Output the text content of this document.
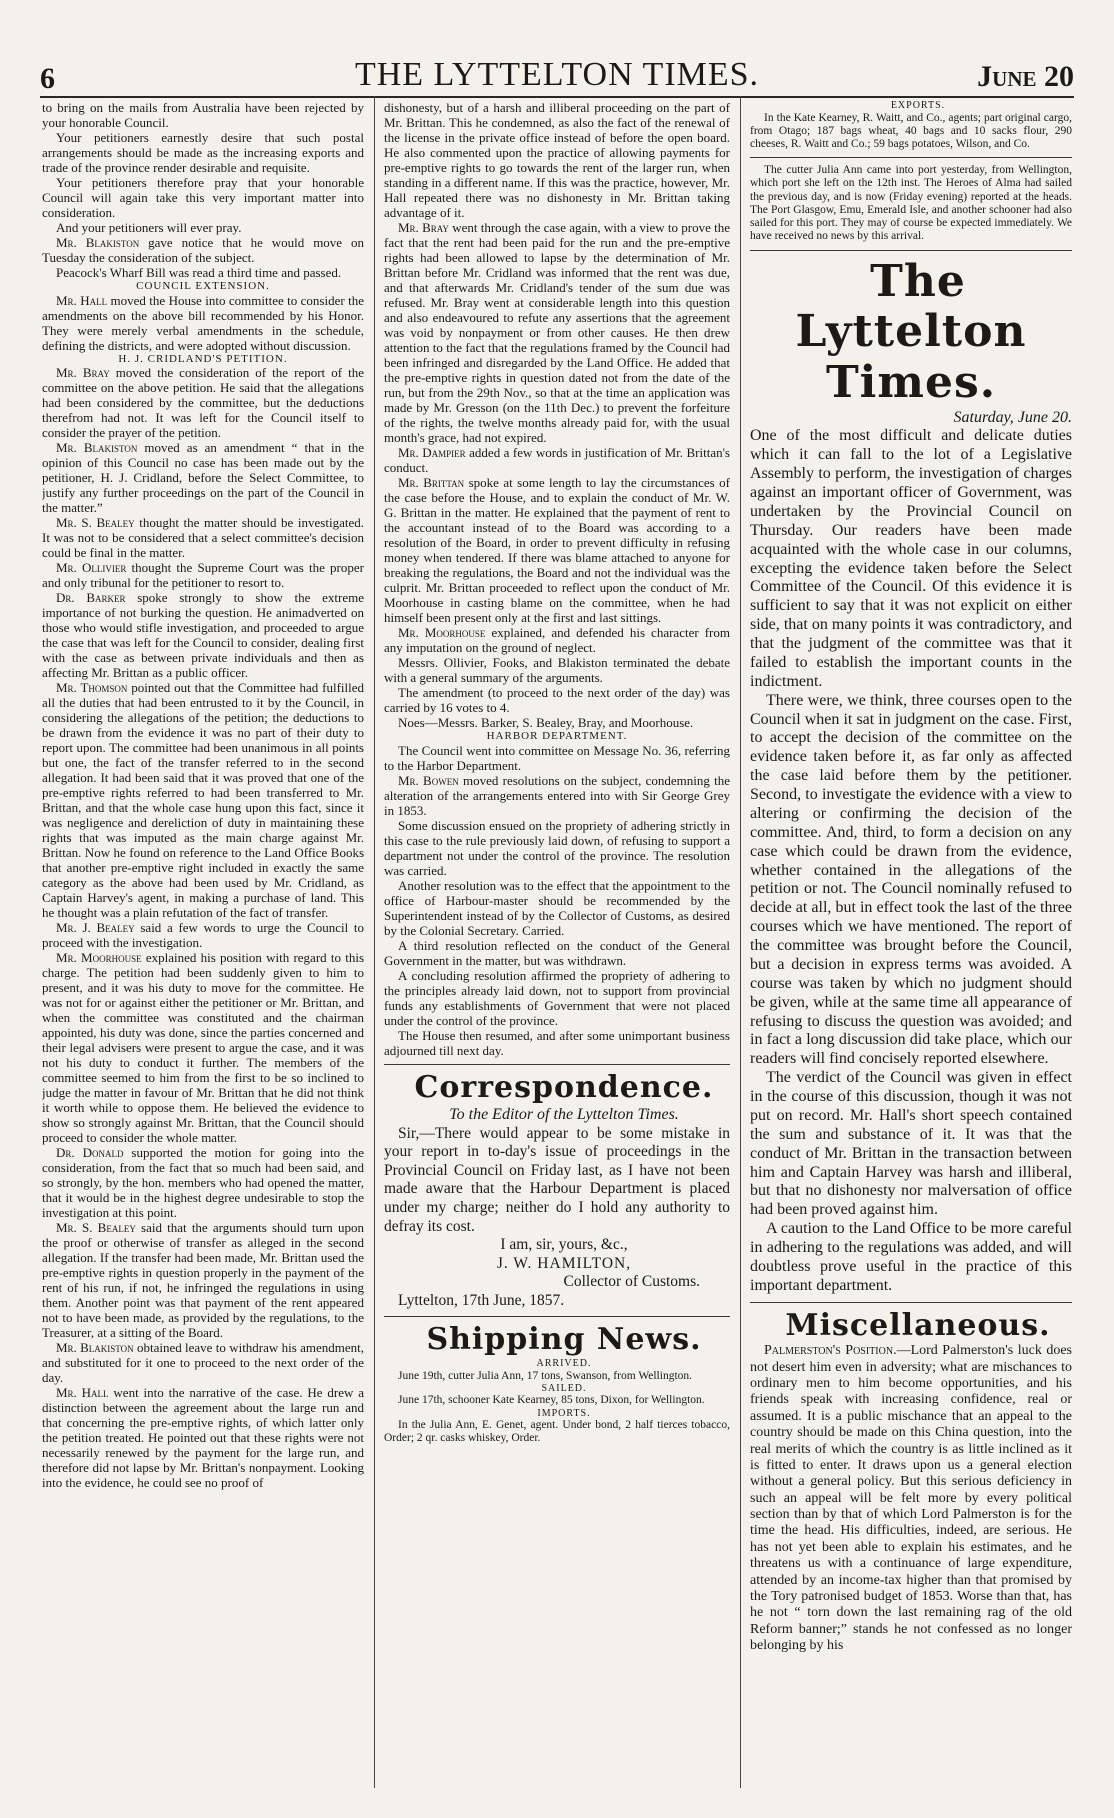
6	THE LYTTELTON TIMES.	June 20

to bring on the mails from Australia have been rejected by your honorable Council.

Your petitioners earnestly desire that such postal arrangements should be made as the increasing exports and trade of the province render desirable and requisite.

Your petitioners therefore pray that your honorable Council will again take this very important matter into consideration.

And your petitioners will ever pray.

Mr. Blakiston gave notice that he would move on Tuesday the consideration of the subject.

Peacock's Wharf Bill was read a third time and passed.

COUNCIL EXTENSION.

Mr. Hall moved the House into committee to consider the amendments on the above bill recommended by his Honor. They were merely verbal amendments in the schedule, defining the districts, and were adopted without discussion.

H. J. CRIDLAND'S PETITION.

Mr. Bray moved the consideration of the report of the committee on the above petition. He said that the allegations had been considered by the committee, but the deductions therefrom had not. It was left for the Council itself to consider the prayer of the petition.

Mr. Blakiston moved as an amendment “ that in the opinion of this Council no case has been made out by the petitioner, H. J. Cridland, before the Select Committee, to justify any further proceedings on the part of the Council in the matter.”

Mr. S. Bealey thought the matter should be investigated. It was not to be considered that a select committee's decision could be final in the matter.

Mr. Ollivier thought the Supreme Court was the proper and only tribunal for the petitioner to resort to.

Dr. Barker spoke strongly to show the extreme importance of not burking the question. He animadverted on those who would stifle investigation, and proceeded to argue the case that was left for the Council to consider, dealing first with the case as between private individuals and then as affecting Mr. Brittan as a public officer.

Mr. Thomson pointed out that the Committee had fulfilled all the duties that had been entrusted to it by the Council, in considering the allegations of the petition; the deductions to be drawn from the evidence it was no part of their duty to report upon. The committee had been unanimous in all points but one, the fact of the transfer referred to in the second allegation. It had been said that it was proved that one of the pre-emptive rights referred to had been transferred to Mr. Brittan, and that the whole case hung upon this fact, since it was negligence and dereliction of duty in maintaining these rights that was imputed as the main charge against Mr. Brittan. Now he found on reference to the Land Office Books that another pre-emptive right included in exactly the same category as the above had been used by Mr. Cridland, as Captain Harvey's agent, in making a purchase of land. This he thought was a plain refutation of the fact of transfer.

Mr. J. Bealey said a few words to urge the Council to proceed with the investigation.

Mr. Moorhouse explained his position with regard to this charge. The petition had been suddenly given to him to present, and it was his duty to move for the committee. He was not for or against either the petitioner or Mr. Brittan, and when the committee was constituted and the chairman appointed, his duty was done, since the parties concerned and their legal advisers were present to argue the case, and it was not his duty to conduct it further. The members of the committee seemed to him from the first to be so inclined to judge the matter in favour of Mr. Brittan that he did not think it worth while to oppose them. He believed the evidence to show so strongly against Mr. Brittan, that the Council should proceed to consider the whole matter.

Dr. Donald supported the motion for going into the consideration, from the fact that so much had been said, and so strongly, by the hon. members who had opened the matter, that it would be in the highest degree undesirable to stop the investigation at this point.

Mr. S. Bealey said that the arguments should turn upon the proof or otherwise of transfer as alleged in the second allegation. If the transfer had been made, Mr. Brittan used the pre-emptive rights in question properly in the payment of the rent of his run, if not, he infringed the regulations in using them. Another point was that payment of the rent appeared not to have been made, as provided by the regulations, to the Treasurer, at a sitting of the Board.

Mr. Blakiston obtained leave to withdraw his amendment, and substituted for it one to proceed to the next order of the day.

Mr. Hall went into the narrative of the case. He drew a distinction between the agreement about the large run and that concerning the pre-emptive rights, of which latter only the petition treated. He pointed out that these rights were not necessarily renewed by the payment for the large run, and therefore did not lapse by Mr. Brittan's nonpayment. Looking into the evidence, he could see no proof of

dishonesty, but of a harsh and illiberal proceeding on the part of Mr. Brittan. This he condemned, as also the fact of the renewal of the license in the private office instead of before the open board. He also commented upon the practice of allowing payments for pre-emptive rights to go towards the rent of the larger run, when standing in a different name. If this was the practice, however, Mr. Hall repeated there was no dishonesty in Mr. Brittan taking advantage of it.

Mr. Bray went through the case again, with a view to prove the fact that the rent had been paid for the run and the pre-emptive rights had been allowed to lapse by the determination of Mr. Brittan before Mr. Cridland was informed that the rent was due, and that afterwards Mr. Cridland's tender of the sum due was refused. Mr. Bray went at considerable length into this question and also endeavoured to refute any assertions that the agreement was void by nonpayment or from other causes. He then drew attention to the fact that the regulations framed by the Council had been infringed and disregarded by the Land Office. He added that the pre-emptive rights in question dated not from the date of the run, but from the 29th Nov., so that at the time an application was made by Mr. Gresson (on the 11th Dec.) to prevent the forfeiture of the rights, the twelve months already paid for, with the usual month's grace, had not expired.

Mr. Dampier added a few words in justification of Mr. Brittan's conduct.

Mr. Brittan spoke at some length to lay the circumstances of the case before the House, and to explain the conduct of Mr. W. G. Brittan in the matter. He explained that the payment of rent to the accountant instead of to the Board was according to a resolution of the Board, in order to prevent difficulty in refusing money when tendered. If there was blame attached to anyone for breaking the regulations, the Board and not the individual was the culprit. Mr. Brittan proceeded to reflect upon the conduct of Mr. Moorhouse in casting blame on the committee, when he had himself been present only at the first and last sittings.

Mr. Moorhouse explained, and defended his character from any imputation on the ground of neglect.

Messrs. Ollivier, Fooks, and Blakiston terminated the debate with a general summary of the arguments.

The amendment (to proceed to the next order of the day) was carried by 16 votes to 4.

Noes—Messrs. Barker, S. Bealey, Bray, and Moorhouse.

HARBOR DEPARTMENT.

The Council went into committee on Message No. 36, referring to the Harbor Department.

Mr. Bowen moved resolutions on the subject, condemning the alteration of the arrangements entered into with Sir George Grey in 1853.

Some discussion ensued on the propriety of adhering strictly in this case to the rule previously laid down, of refusing to support a department not under the control of the province. The resolution was carried.

Another resolution was to the effect that the appointment to the office of Harbour-master should be recommended by the Superintendent instead of by the Collector of Customs, as desired by the Colonial Secretary. Carried.

A third resolution reflected on the conduct of the General Government in the matter, but was withdrawn.

A concluding resolution affirmed the propriety of adhering to the principles already laid down, not to support from provincial funds any establishments of Government that were not placed under the control of the province.

The House then resumed, and after some unimportant business adjourned till next day.

Correspondence.

To the Editor of the Lyttelton Times.

Sir,—There would appear to be some mistake in your report in to-day's issue of proceedings in the Provincial Council on Friday last, as I have not been made aware that the Harbour Department is placed under my charge; neither do I hold any authority to defray its cost.

I am, sir, yours, &c.,

J. W. HAMILTON,

Collector of Customs.

Lyttelton, 17th June, 1857.

Shipping News.

ARRIVED.

June 19th, cutter Julia Ann, 17 tons, Swanson, from Wellington.

SAILED.

June 17th, schooner Kate Kearney, 85 tons, Dixon, for Wellington.

IMPORTS.

In the Julia Ann, E. Genet, agent. Under bond, 2 half tierces tobacco, Order; 2 qr. casks whiskey, Order.

EXPORTS.

In the Kate Kearney, R. Waitt, and Co., agents; part original cargo, from Otago; 187 bags wheat, 40 bags and 10 sacks flour, 290 cheeses, R. Waitt and Co.; 59 bags potatoes, Wilson, and Co.

The cutter Julia Ann came into port yesterday, from Wellington, which port she left on the 12th inst. The Heroes of Alma had sailed the previous day, and is now (Friday evening) reported at the heads. The Port Glasgow, Emu, Emerald Isle, and another schooner had also sailed for this port. They may of course be expected immediately. We have received no news by this arrival.

The Lyttelton Times.

Saturday, June 20.

One of the most difficult and delicate duties which it can fall to the lot of a Legislative Assembly to perform, the investigation of charges against an important officer of Government, was undertaken by the Provincial Council on Thursday. Our readers have been made acquainted with the whole case in our columns, excepting the evidence taken before the Select Committee of the Council. Of this evidence it is sufficient to say that it was not explicit on either side, that on many points it was contradictory, and that the judgment of the committee was that it failed to establish the important counts in the indictment.

There were, we think, three courses open to the Council when it sat in judgment on the case. First, to accept the decision of the committee on the evidence taken before it, as far only as affected the case laid before them by the petitioner. Second, to investigate the evidence with a view to altering or confirming the decision of the committee. And, third, to form a decision on any case which could be drawn from the evidence, whether contained in the allegations of the petition or not. The Council nominally refused to decide at all, but in effect took the last of the three courses which we have mentioned. The report of the committee was brought before the Council, but a decision in express terms was avoided. A course was taken by which no judgment should be given, while at the same time all appearance of refusing to discuss the question was avoided; and in fact a long discussion did take place, which our readers will find concisely reported elsewhere.

The verdict of the Council was given in effect in the course of this discussion, though it was not put on record. Mr. Hall's short speech contained the sum and substance of it. It was that the conduct of Mr. Brittan in the transaction between him and Captain Harvey was harsh and illiberal, but that no dishonesty nor malversation of office had been proved against him.

A caution to the Land Office to be more careful in adhering to the regulations was added, and will doubtless prove useful in the practice of this important department.

Miscellaneous.

Palmerston's Position.—Lord Palmerston's luck does not desert him even in adversity; what are mischances to ordinary men to him become opportunities, and his friends speak with increasing confidence, real or assumed. It is a public mischance that an appeal to the country should be made on this China question, into the real merits of which the country is as little inclined as it is fitted to enter. It draws upon us a general election without a general policy. But this serious deficiency in such an appeal will be felt more by every political section than by that of which Lord Palmerston is for the time the head. His difficulties, indeed, are serious. He has not yet been able to explain his estimates, and he threatens us with a continuance of large expenditure, attended by an income-tax higher than that promised by the Tory patronised budget of 1853. Worse than that, has he not “ torn down the last remaining rag of the old Reform banner;” stands he not confessed as no longer belonging by his
